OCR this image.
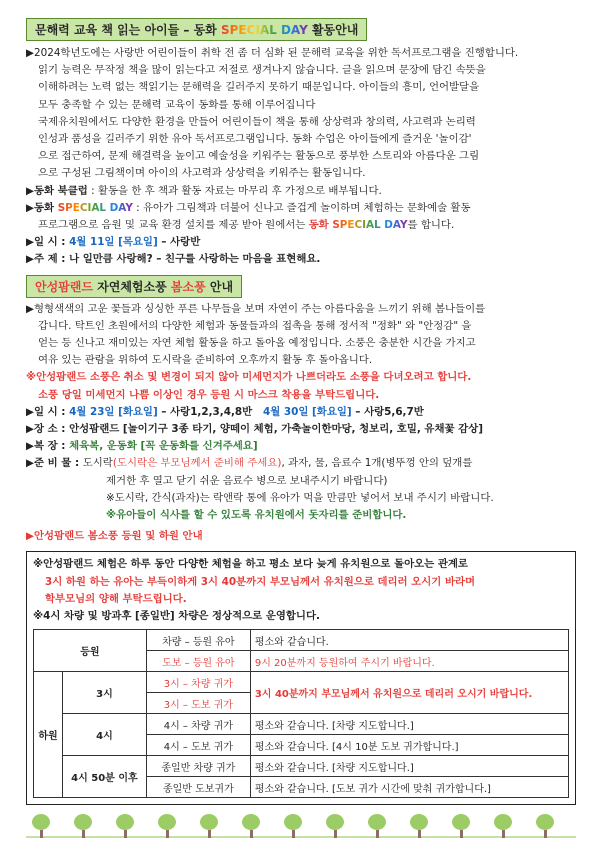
문해력 교육 책 읽는 아이들 – 동화 SPECIAL DAY 활동안내

▶2024학년도에는 사랑반 어린이들이 취학 전 좀 더 심화 된 문해력 교육을 위한 독서프로그램을 진행합니다.

읽기 능력은 무작정 책을 많이 읽는다고 저절로 생겨나지 않습니다. 글을 읽으며 문장에 담긴 속뜻을

이해하려는 노력 없는 책읽기는 문해력을 길러주지 못하기 때문입니다. 아이들의 흥미, 언어발달을

모두 충족할 수 있는 문해력 교육이 동화를 통해 이루어집니다

국제유치원에서도 다양한 환경을 만들어 어린이들이 책을 통해 상상력과 창의력, 사고력과 논리력

인성과 품성을 길러주기 위한 유아 독서프로그램입니다. 동화 수업은 아이들에게 즐거운 '놀이감'

으로 접근하여, 문제 해결력을 높이고 예술성을 키워주는 활동으로 풍부한 스토리와 아름다운 그림

으로 구성된 그림책이며 아이의 사고력과 상상력을 키워주는 활동입니다.

▶동화 북클럽 : 활동을 한 후 책과 활동 자료는 마무리 후 가정으로 배부됩니다.

▶동화 SPECIAL DAY : 유아가 그림책과 더불어 신나고 즐겁게 놀이하며 체험하는 문화예술 활동

프로그램으로 음원 및 교육 환경 설치를 제공 받아 원에서는 동화 SPECIAL DAY를 합니다.

▶일 시 : 4월 11일 [목요일] – 사랑반

▶주 제 : 나 일만큼 사랑해? – 친구를 사랑하는 마음을 표현해요.

안성팜랜드 자연체험소풍 봄소풍 안내

▶형형색색의 고운 꽃들과 싱싱한 푸른 나무들을 보며 자연이 주는 아름다움을 느끼기 위해 봄나들이를

갑니다. 탁트인 초원에서의 다양한 체험과 동물들과의 접촉을 통해 정서적 "정화" 와 "안정감" 을

얻는 등 신나고 재미있는 자연 체험 활동을 하고 돌아올 예정입니다. 소풍은 충분한 시간을 가지고

여유 있는 관람을 위하여 도시락을 준비하여 오후까지 활동 후 돌아옵니다.

※안성팜랜드 소풍은 취소 및 변경이 되지 않아 미세먼지가 나쁘더라도 소풍을 다녀오려고 합니다.

소풍 당일 미세먼지 나쁨 이상인 경우 등원 시 마스크 착용을 부탁드립니다.

▶일 시 : 4월 23일 [화요일] – 사랑1,2,3,4,8반 4월 30일 [화요일] – 사랑5,6,7반

▶장 소 : 안성팜랜드 [놀이기구 3종 타기, 양떼이 체험, 가축놀이한마당, 청보리, 호밀, 유채꽃 감상]

▶복 장 : 체육복, 운동화 [꼭 운동화를 신겨주세요]

▶준 비 물 : 도시락(도시락은 부모님께서 준비해 주세요), 과자, 물, 음료수 1개(병뚜껑 안의 덮개를

제거한 후 열고 닫기 쉬운 음료수 병으로 보내주시기 바랍니다)

※도시락, 간식(과자)는 락앤락 통에 유아가 먹을 만큼만 넣어서 보내 주시기 바랍니다.

※유아들이 식사를 할 수 있도록 유치원에서 돗자리를 준비합니다.

▶안성팜랜드 봄소풍 등원 및 하원 안내

※안성팜랜드 체험은 하루 동안 다양한 체험을 하고 평소 보다 늦게 유치원으로 돌아오는 관계로

3시 하원 하는 유아는 부득이하게 3시 40분까지 부모님께서 유치원으로 데리러 오시기 바라며

학부모님의 양해 부탁드립니다.

※4시 차량 및 방과후 [종일반] 차량은 정상적으로 운영합니다.

등원		차량 – 등원 유아	평소와 같습니다.
		도보 – 등원 유아	9시 20분까지 등원하여 주시기 바랍니다.
하원	3시	3시 – 차량 귀가	3시 40분까지 부모님께서 유치원으로 데리러 오시기 바랍니다.
		3시 – 도보 귀가	
	4시	4시 – 차량 귀가	평소와 같습니다. [차량 지도합니다.]
		4시 – 도보 귀가	평소와 같습니다. [4시 10분 도보 귀가합니다.]
	4시 50분 이후	종일반 차량 귀가	평소와 같습니다. [차량 지도합니다.]
		종일반 도보귀가	평소와 같습니다. [도보 귀가 시간에 맞춰 귀가합니다.]
